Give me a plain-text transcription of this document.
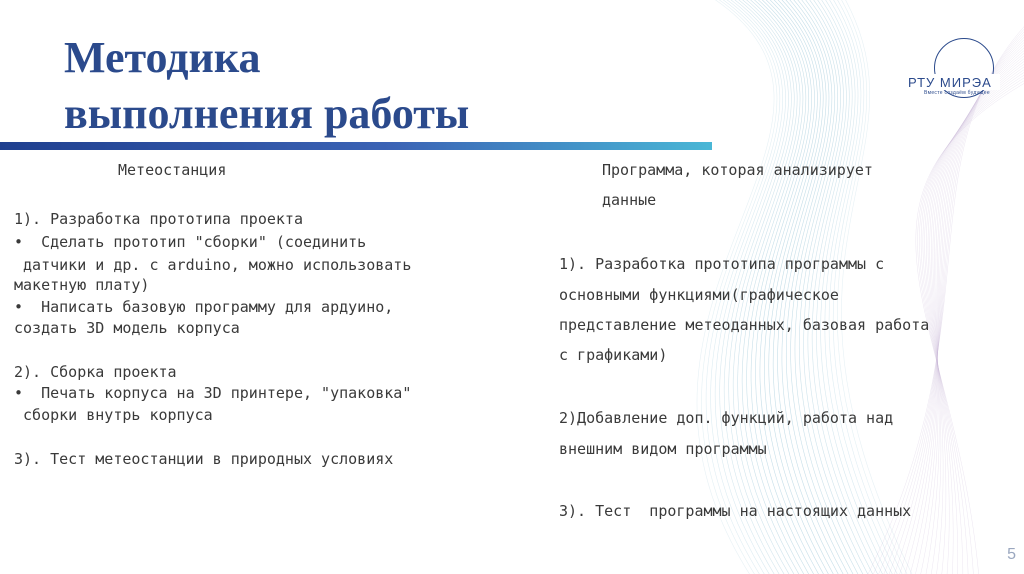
Методика
выполнения работы
РТУ МИРЭА
Вместе создаём будущее
Метеостанция
1). Разработка прототипа проекта
•  Сделать прототип "сборки" (соединить
датчики и др. с arduino, можно использовать
макетную плату)
•  Написать базовую программу для ардуино,
создать 3D модель корпуса
2). Сборка проекта
•  Печать корпуса на 3D принтере, "упаковка"
сборки внутрь корпуса
3). Тест метеостанции в природных условиях
Программа, которая анализирует
данные
1). Разработка прототипа программы с
основными функциями(графическое
представление метеоданных, базовая работа
с графиками)
2)Добавление доп. функций, работа над
внешним видом программы
3). Тест  программы на настоящих данных
5
